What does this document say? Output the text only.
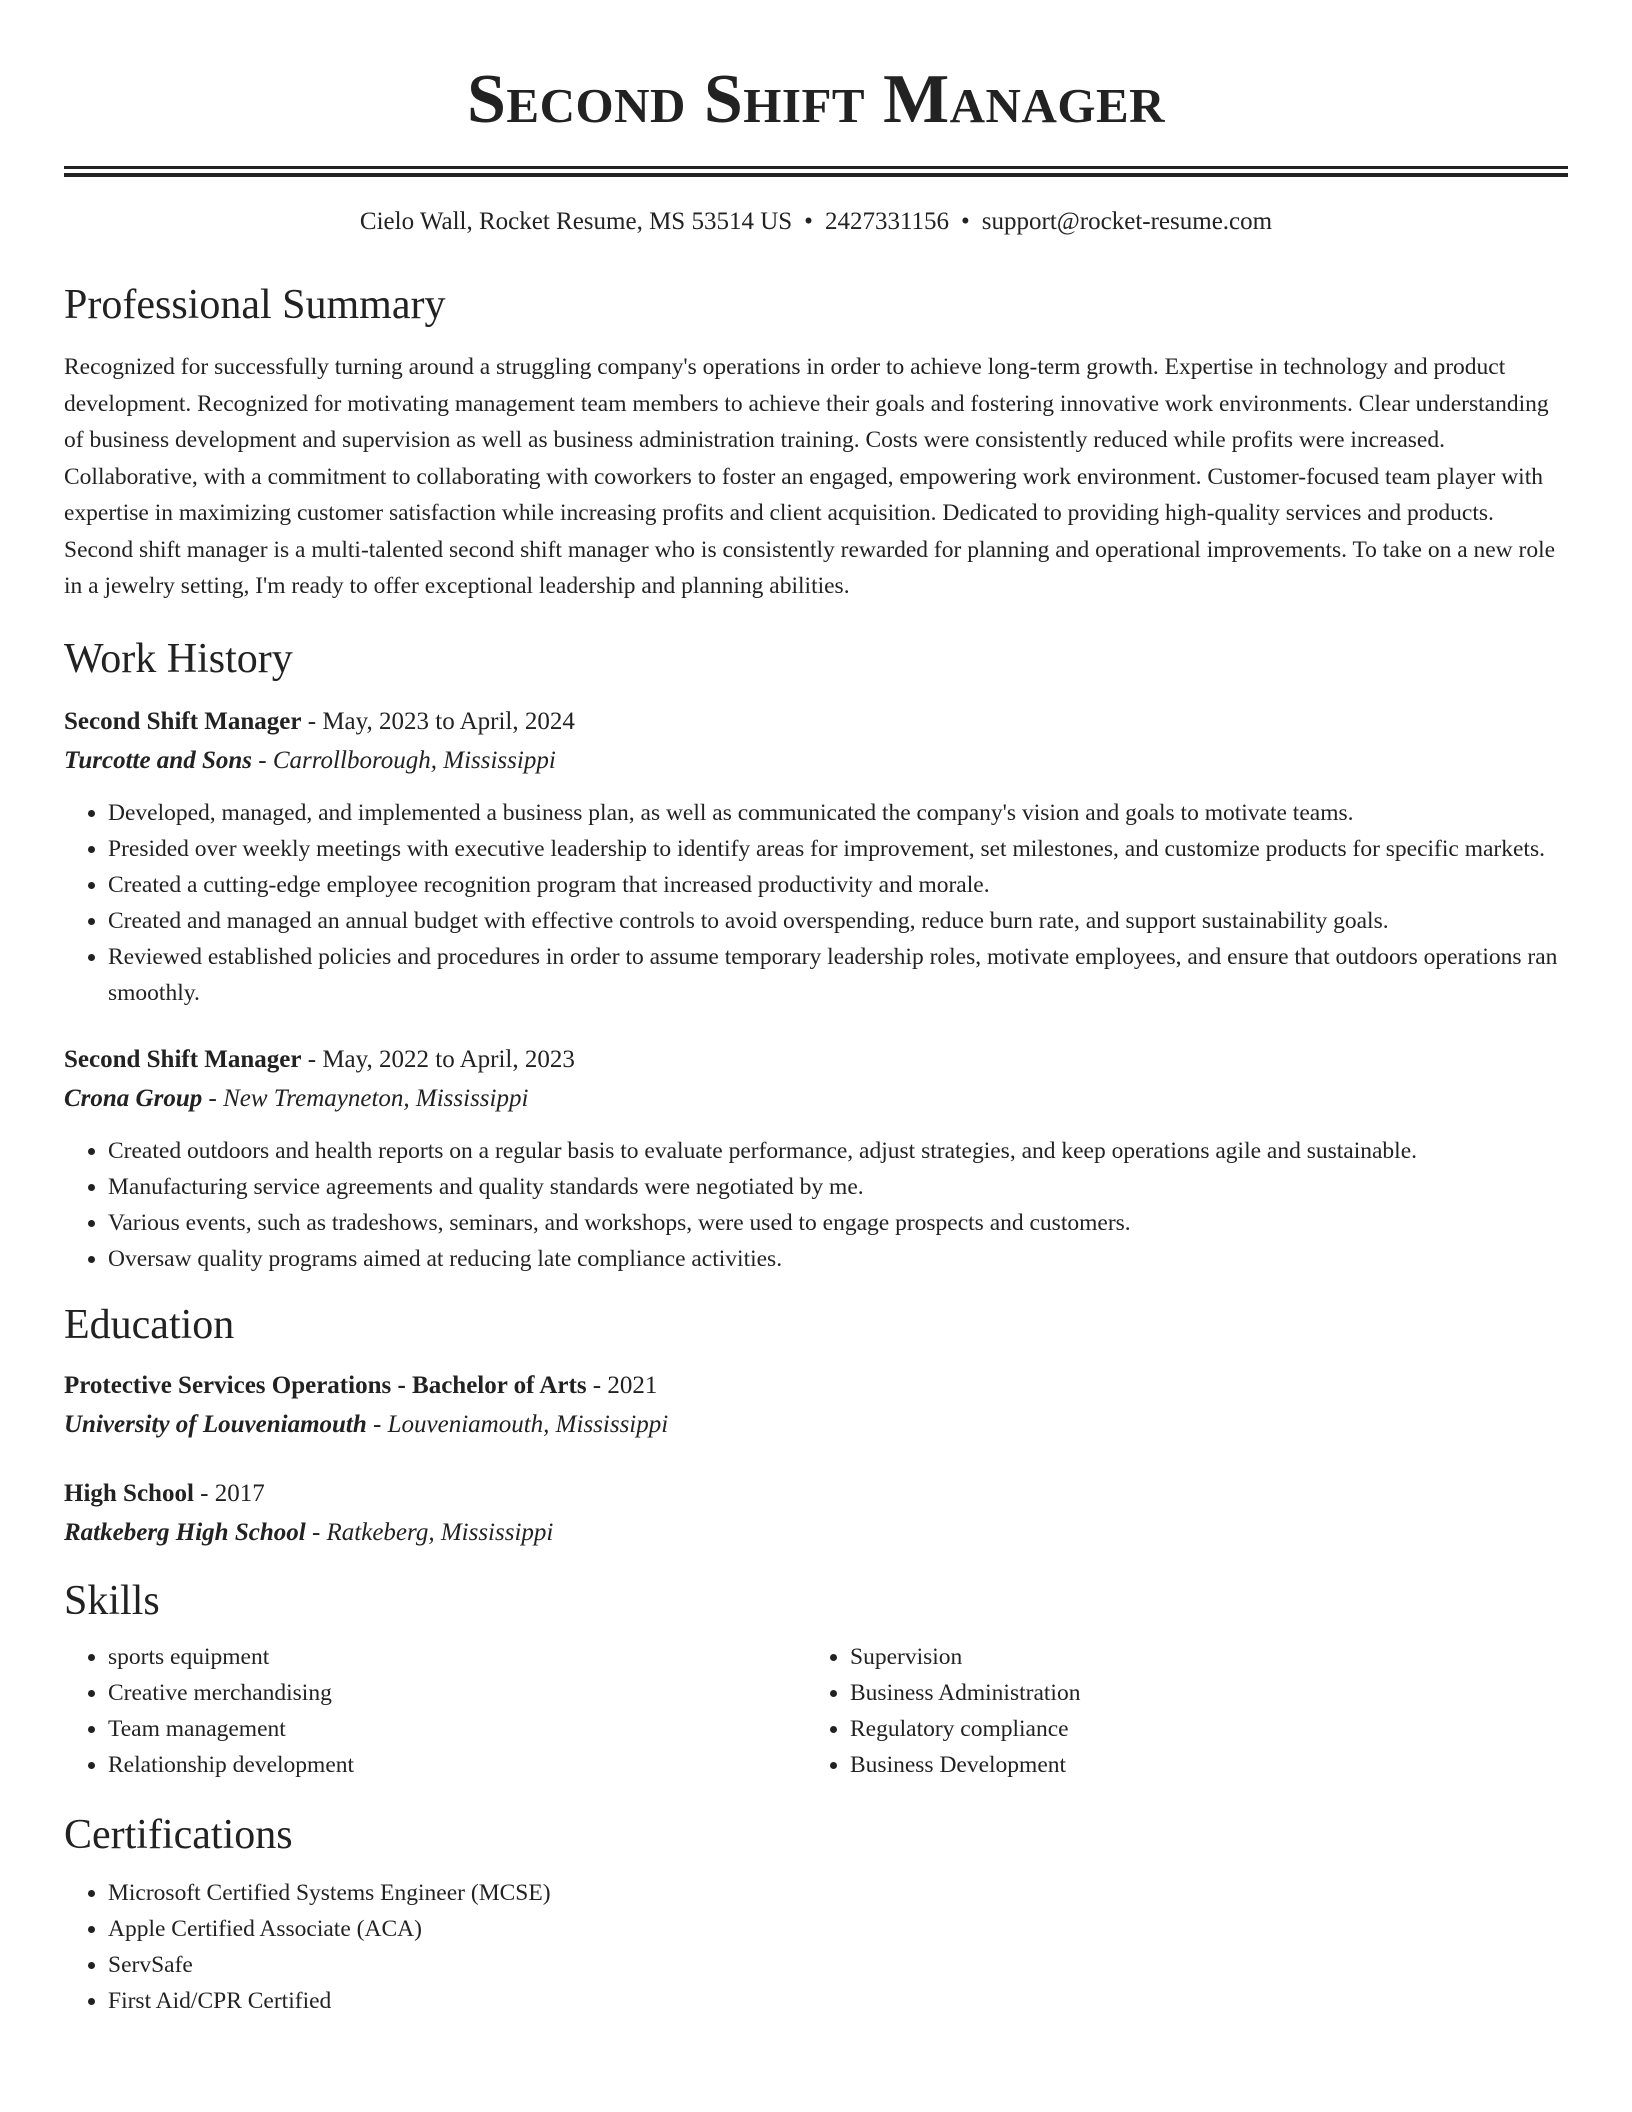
Second Shift Manager
Cielo Wall, Rocket Resume, MS 53514 US • 2427331156 • support@rocket-resume.com
Professional Summary
Recognized for successfully turning around a struggling company's operations in order to achieve long-term growth. Expertise in technology and product development. Recognized for motivating management team members to achieve their goals and fostering innovative work environments. Clear understanding of business development and supervision as well as business administration training. Costs were consistently reduced while profits were increased. Collaborative, with a commitment to collaborating with coworkers to foster an engaged, empowering work environment. Customer-focused team player with expertise in maximizing customer satisfaction while increasing profits and client acquisition. Dedicated to providing high-quality services and products. Second shift manager is a multi-talented second shift manager who is consistently rewarded for planning and operational improvements. To take on a new role in a jewelry setting, I'm ready to offer exceptional leadership and planning abilities.
Work History
Second Shift Manager - May, 2023 to April, 2024
Turcotte and Sons - Carrollborough, Mississippi
• Developed, managed, and implemented a business plan, as well as communicated the company's vision and goals to motivate teams.
• Presided over weekly meetings with executive leadership to identify areas for improvement, set milestones, and customize products for specific markets.
• Created a cutting-edge employee recognition program that increased productivity and morale.
• Created and managed an annual budget with effective controls to avoid overspending, reduce burn rate, and support sustainability goals.
• Reviewed established policies and procedures in order to assume temporary leadership roles, motivate employees, and ensure that outdoors operations ran smoothly.
Second Shift Manager - May, 2022 to April, 2023
Crona Group - New Tremayneton, Mississippi
• Created outdoors and health reports on a regular basis to evaluate performance, adjust strategies, and keep operations agile and sustainable.
• Manufacturing service agreements and quality standards were negotiated by me.
• Various events, such as tradeshows, seminars, and workshops, were used to engage prospects and customers.
• Oversaw quality programs aimed at reducing late compliance activities.
Education
Protective Services Operations - Bachelor of Arts - 2021
University of Louveniamouth - Louveniamouth, Mississippi
High School - 2017
Ratkeberg High School - Ratkeberg, Mississippi
Skills
• sports equipment
• Creative merchandising
• Team management
• Relationship development
• Supervision
• Business Administration
• Regulatory compliance
• Business Development
Certifications
• Microsoft Certified Systems Engineer (MCSE)
• Apple Certified Associate (ACA)
• ServSafe
• First Aid/CPR Certified
